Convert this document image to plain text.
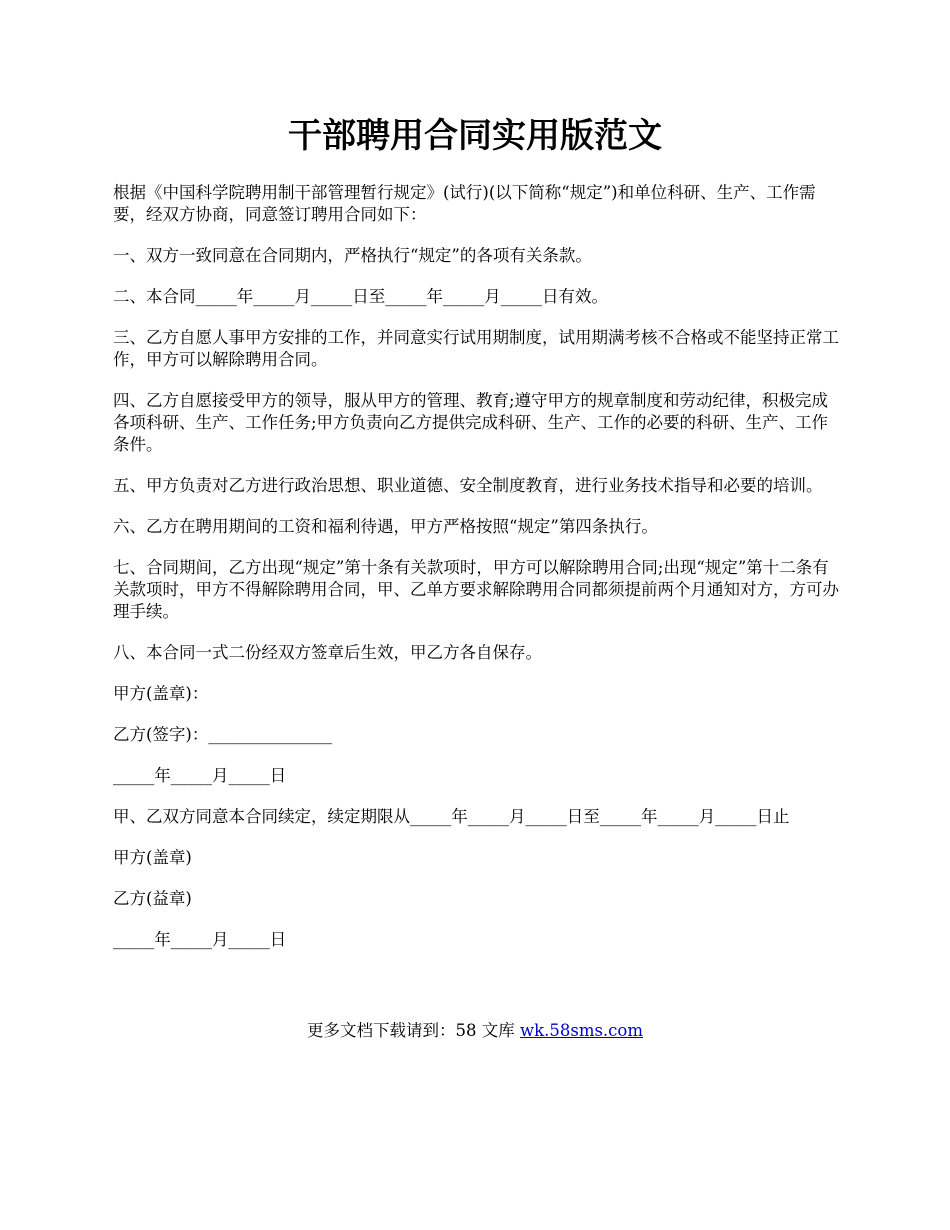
干部聘用合同实用版范文

根据《中国科学院聘用制干部管理暂行规定》(试行)(以下简称“规定”)和单位科研、生产、工作需要，经双方协商，同意签订聘用合同如下：

一、双方一致同意在合同期内，严格执行“规定”的各项有关条款。

二、本合同_____年_____月_____日至_____年_____月_____日有效。

三、乙方自愿人事甲方安排的工作，并同意实行试用期制度，试用期满考核不合格或不能坚持正常工作，甲方可以解除聘用合同。

四、乙方自愿接受甲方的领导，服从甲方的管理、教育;遵守甲方的规章制度和劳动纪律，积极完成各项科研、生产、工作任务;甲方负责向乙方提供完成科研、生产、工作的必要的科研、生产、工作条件。

五、甲方负责对乙方进行政治思想、职业道德、安全制度教育，进行业务技术指导和必要的培训。

六、乙方在聘用期间的工资和福利待遇，甲方严格按照“规定”第四条执行。

七、合同期间，乙方出现“规定”第十条有关款项时，甲方可以解除聘用合同;出现“规定”第十二条有关款项时，甲方不得解除聘用合同，甲、乙单方要求解除聘用合同都须提前两个月通知对方，方可办理手续。

八、本合同一式二份经双方签章后生效，甲乙方各自保存。

甲方(盖章)：

乙方(签字)：_______________

_____年_____月_____日

甲、乙双方同意本合同续定，续定期限从_____年_____月_____日至_____年_____月_____日止

甲方(盖章)

乙方(益章)

_____年_____月_____日

更多文档下载请到：58 文库 wk.58sms.com
